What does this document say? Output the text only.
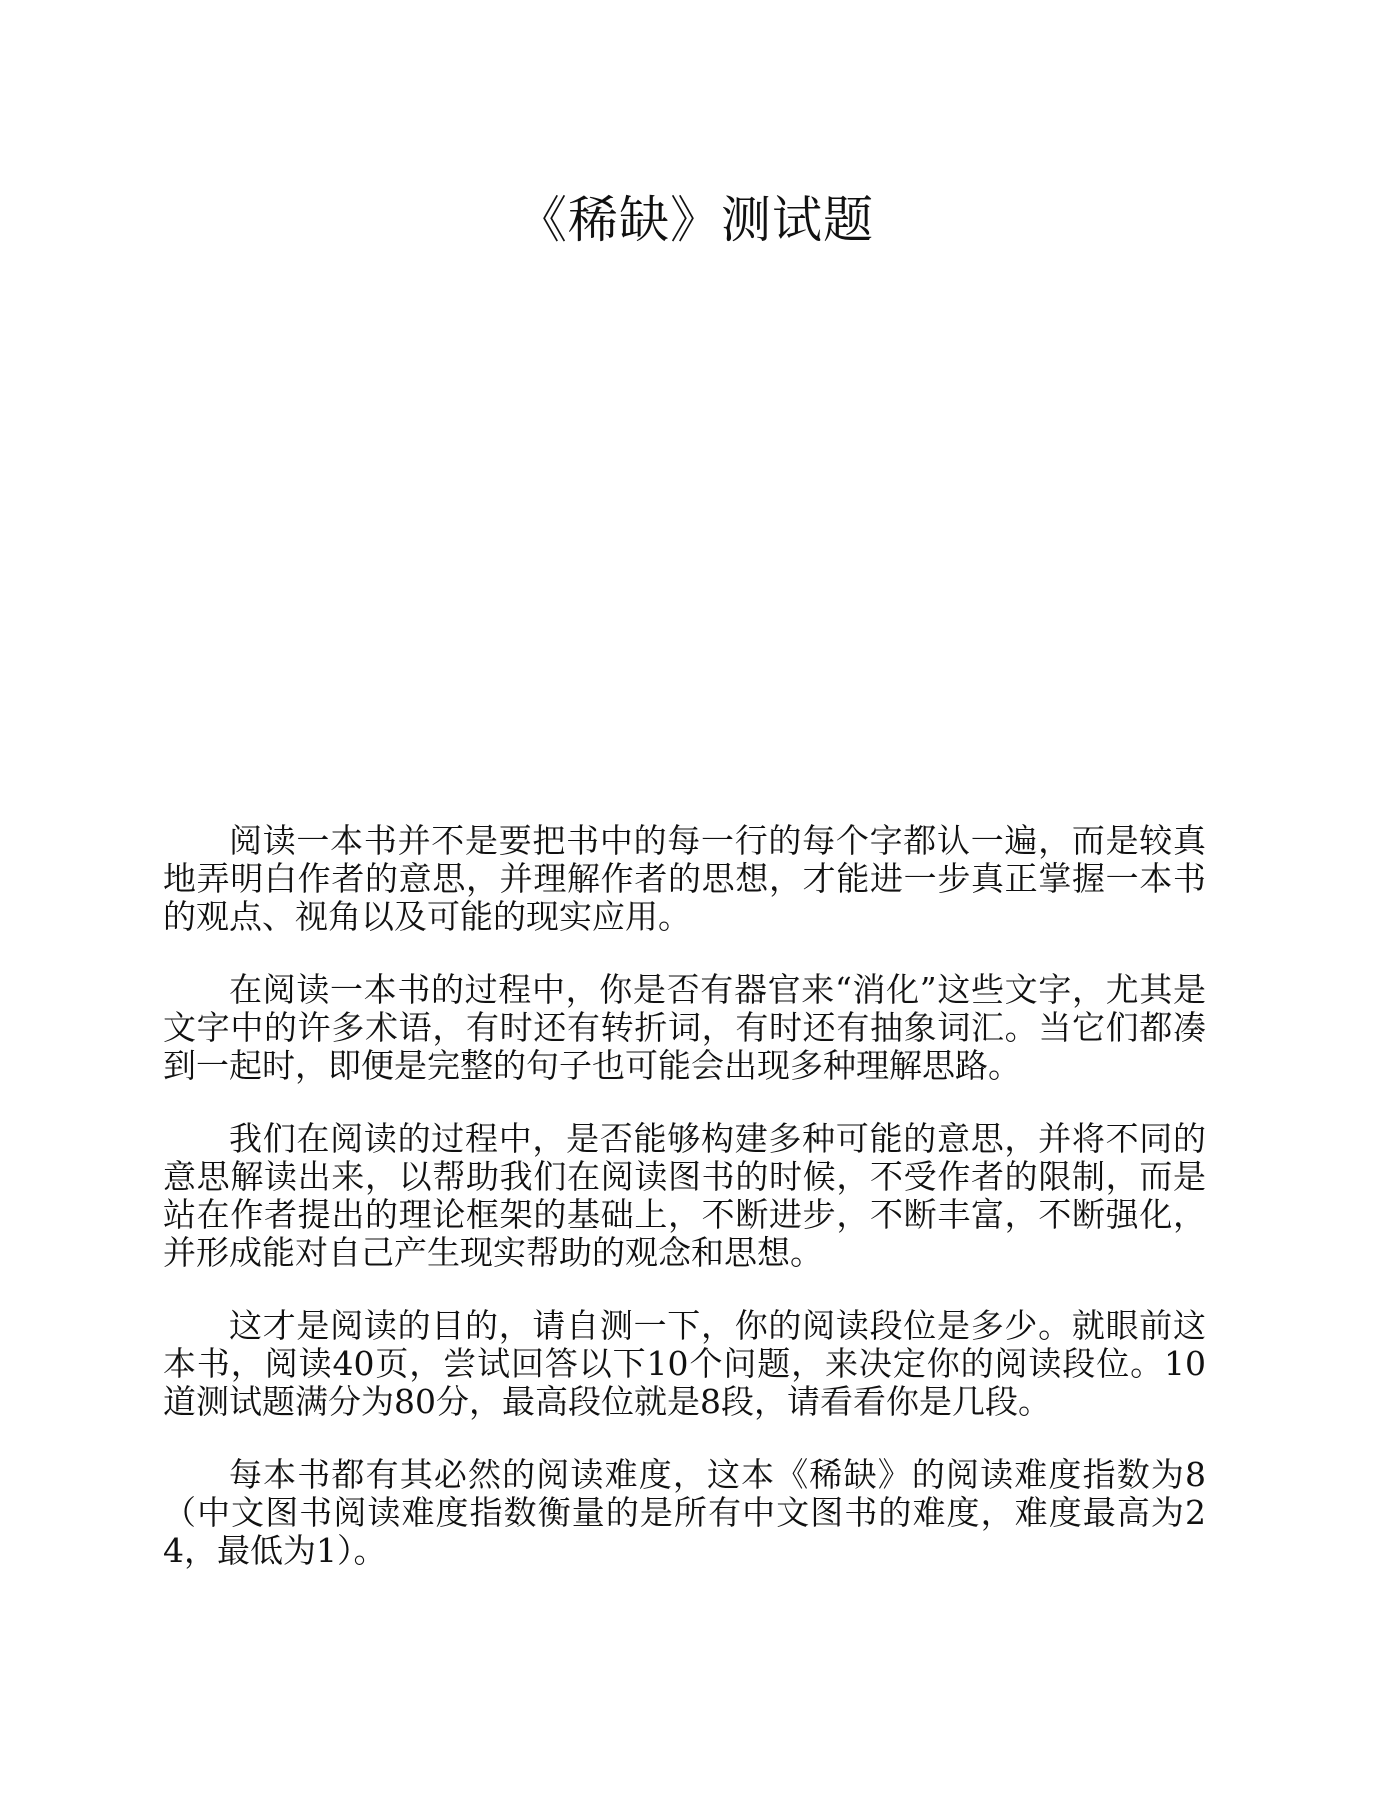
《稀缺》测试题

阅读一本书并不是要把书中的每一行的每个字都认一遍，而是较真地弄明白作者的意思，并理解作者的思想，才能进一步真正掌握一本书的观点、视角以及可能的现实应用。

在阅读一本书的过程中，你是否有器官来“消化”这些文字，尤其是文字中的许多术语，有时还有转折词，有时还有抽象词汇。当它们都凑到一起时，即便是完整的句子也可能会出现多种理解思路。

我们在阅读的过程中，是否能够构建多种可能的意思，并将不同的意思解读出来，以帮助我们在阅读图书的时候，不受作者的限制，而是站在作者提出的理论框架的基础上，不断进步，不断丰富，不断强化，并形成能对自己产生现实帮助的观念和思想。

这才是阅读的目的，请自测一下，你的阅读段位是多少。就眼前这本书，阅读40页，尝试回答以下10个问题，来决定你的阅读段位。10道测试题满分为80分，最高段位就是8段，请看看你是几段。

每本书都有其必然的阅读难度，这本《稀缺》的阅读难度指数为8（中文图书阅读难度指数衡量的是所有中文图书的难度，难度最高为24，最低为1）。
